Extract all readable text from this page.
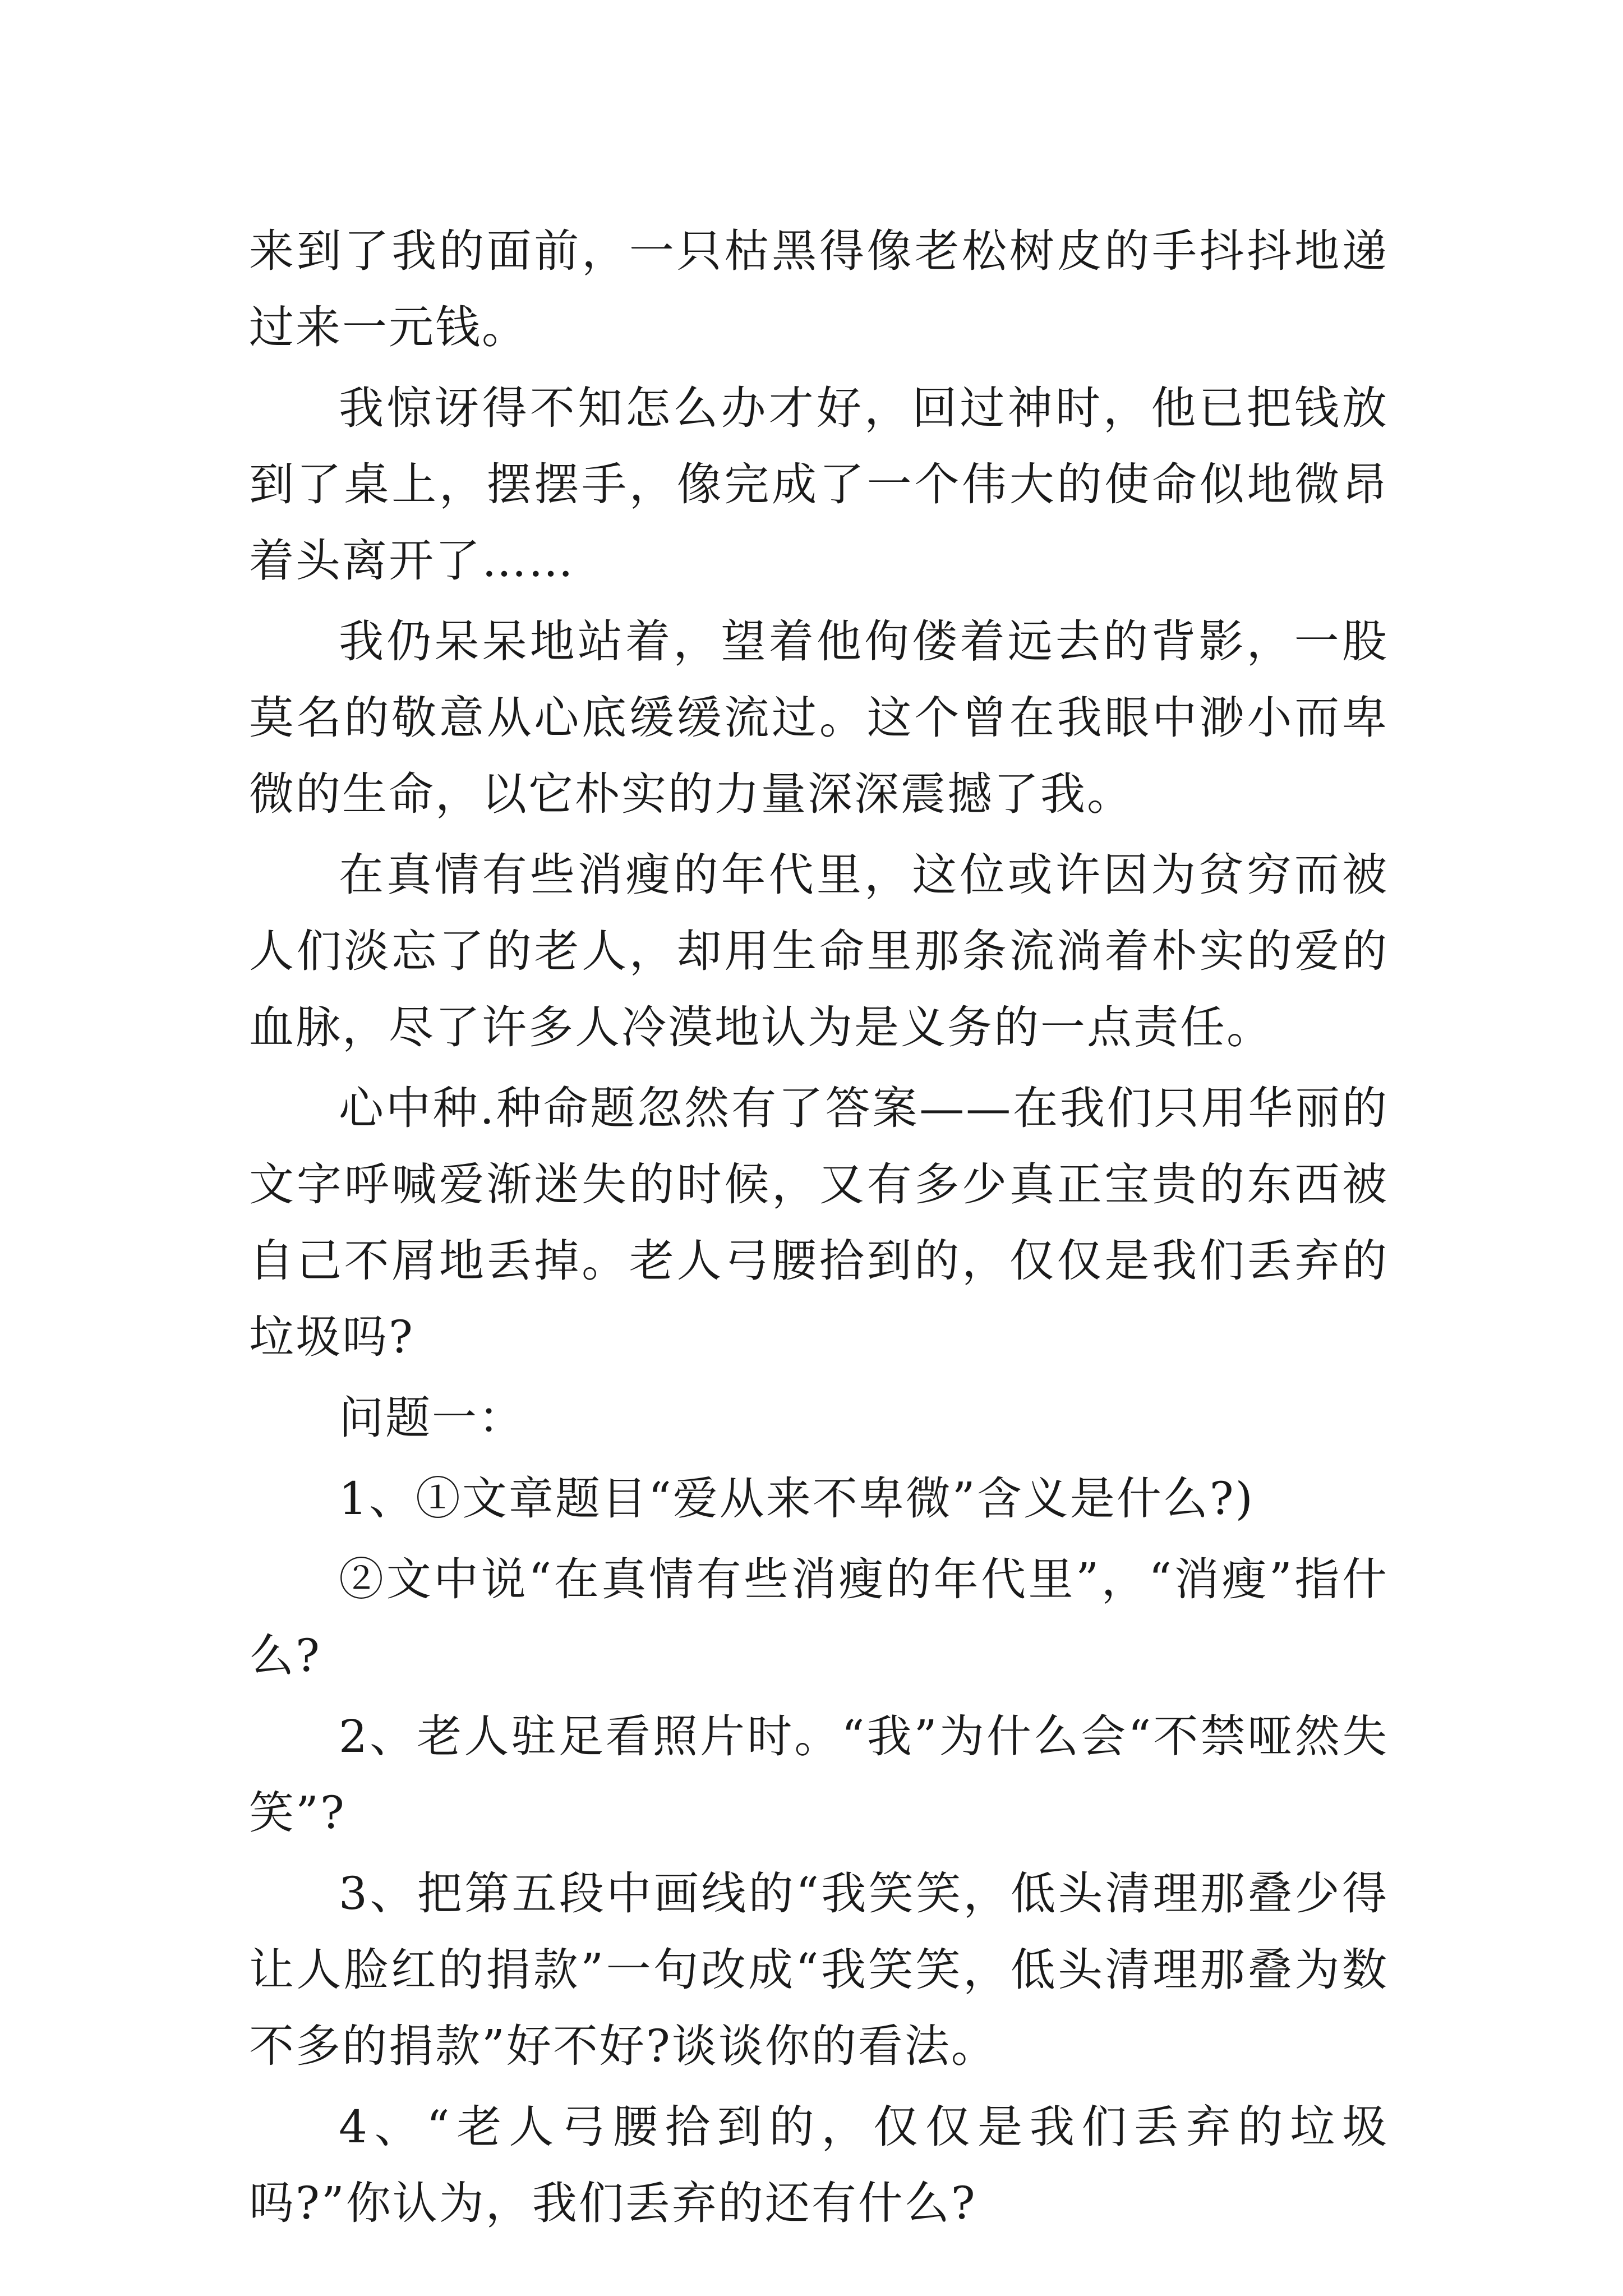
来到了我的面前，一只枯黑得像老松树皮的手抖抖地递过来一元钱。

我惊讶得不知怎么办才好，回过神时，他已把钱放到了桌上，摆摆手，像完成了一个伟大的使命似地微昂着头离开了……

我仍呆呆地站着，望着他佝偻着远去的背影，一股莫名的敬意从心底缓缓流过。这个曾在我眼中渺小而卑微的生命，以它朴实的力量深深震撼了我。

在真情有些消瘦的年代里，这位或许因为贫穷而被人们淡忘了的老人，却用生命里那条流淌着朴实的爱的血脉，尽了许多人冷漠地认为是义务的一点责任。

心中种.种命题忽然有了答案——在我们只用华丽的文字呼喊爱渐迷失的时候，又有多少真正宝贵的东西被自己不屑地丢掉。老人弓腰拾到的，仅仅是我们丢弃的垃圾吗?

问题一：

1、①文章题目“爱从来不卑微”含义是什么?)

②文中说“在真情有些消瘦的年代里”，“消瘦”指什么?

2、老人驻足看照片时。“我”为什么会“不禁哑然失笑”?

3、把第五段中画线的“我笑笑，低头清理那叠少得让人脸红的捐款”一句改成“我笑笑，低头清理那叠为数不多的捐款”好不好?谈谈你的看法。

4、“老人弓腰拾到的，仅仅是我们丢弃的垃圾吗?”你认为，我们丢弃的还有什么?
